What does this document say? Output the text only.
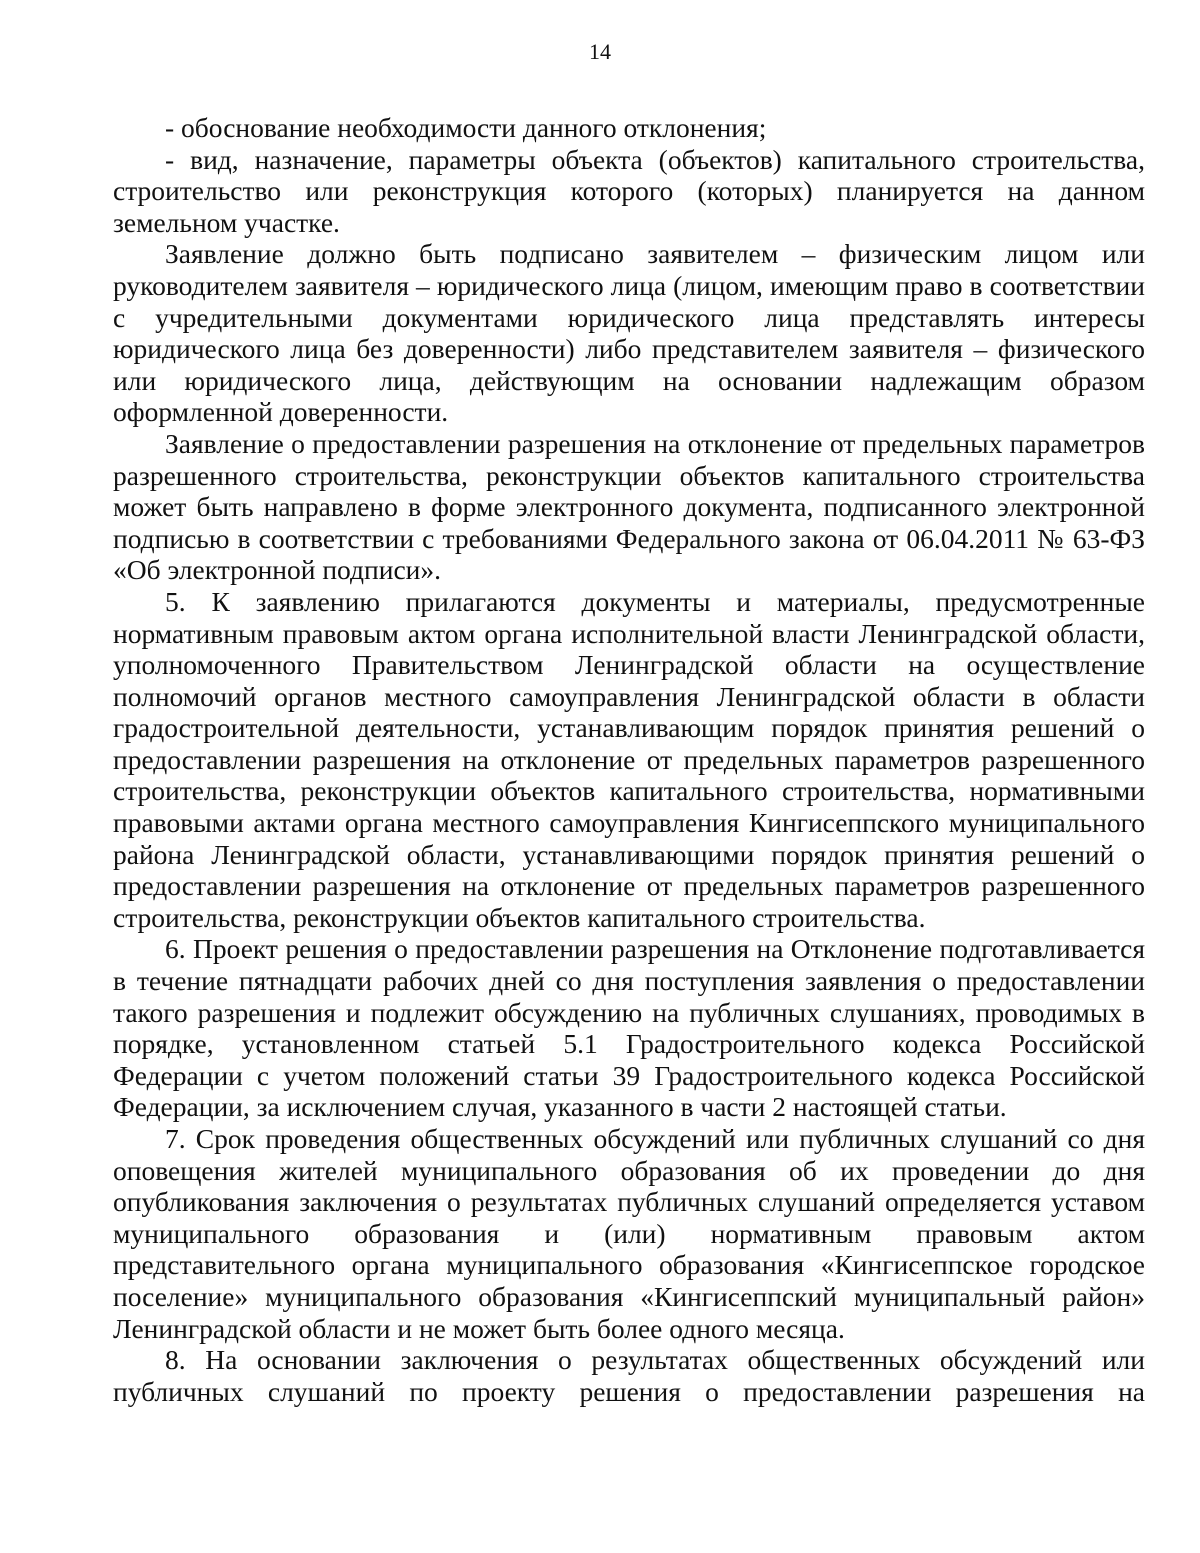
14

- обоснование необходимости данного отклонения;

- вид, назначение, параметры объекта (объектов) капитального строительства, строительство или реконструкция которого (которых) планируется на данном земельном участке.

Заявление должно быть подписано заявителем – физическим лицом или руководителем заявителя – юридического лица (лицом, имеющим право в соответствии с учредительными документами юридического лица представлять интересы юридического лица без доверенности) либо представителем заявителя – физического или юридического лица, действующим на основании надлежащим образом оформленной доверенности.

Заявление о предоставлении разрешения на отклонение от предельных параметров разрешенного строительства, реконструкции объектов капитального строительства может быть направлено в форме электронного документа, подписанного электронной подписью в соответствии с требованиями Федерального закона от 06.04.2011 № 63-ФЗ «Об электронной подписи».

5. К заявлению прилагаются документы и материалы, предусмотренные нормативным правовым актом органа исполнительной власти Ленинградской области, уполномоченного Правительством Ленинградской области на осуществление полномочий органов местного самоуправления Ленинградской области в области градостроительной деятельности, устанавливающим порядок принятия решений о предоставлении разрешения на отклонение от предельных параметров разрешенного строительства, реконструкции объектов капитального строительства, нормативными правовыми актами органа местного самоуправления Кингисеппского муниципального района Ленинградской области, устанавливающими порядок принятия решений о предоставлении разрешения на отклонение от предельных параметров разрешенного строительства, реконструкции объектов капитального строительства.

6. Проект решения о предоставлении разрешения на Отклонение подготавливается в течение пятнадцати рабочих дней со дня поступления заявления о предоставлении такого разрешения и подлежит обсуждению на публичных слушаниях, проводимых в порядке, установленном статьей 5.1 Градостроительного кодекса Российской Федерации с учетом положений статьи 39 Градостроительного кодекса Российской Федерации, за исключением случая, указанного в части 2 настоящей статьи.

7. Срок проведения общественных обсуждений или публичных слушаний со дня оповещения жителей муниципального образования об их проведении до дня опубликования заключения о результатах публичных слушаний определяется уставом муниципального образования и (или) нормативным правовым актом представительного органа муниципального образования «Кингисеппское городское поселение» муниципального образования «Кингисеппский муниципальный район» Ленинградской области и не может быть более одного месяца.

8. На основании заключения о результатах общественных обсуждений или публичных слушаний по проекту решения о предоставлении разрешения на
